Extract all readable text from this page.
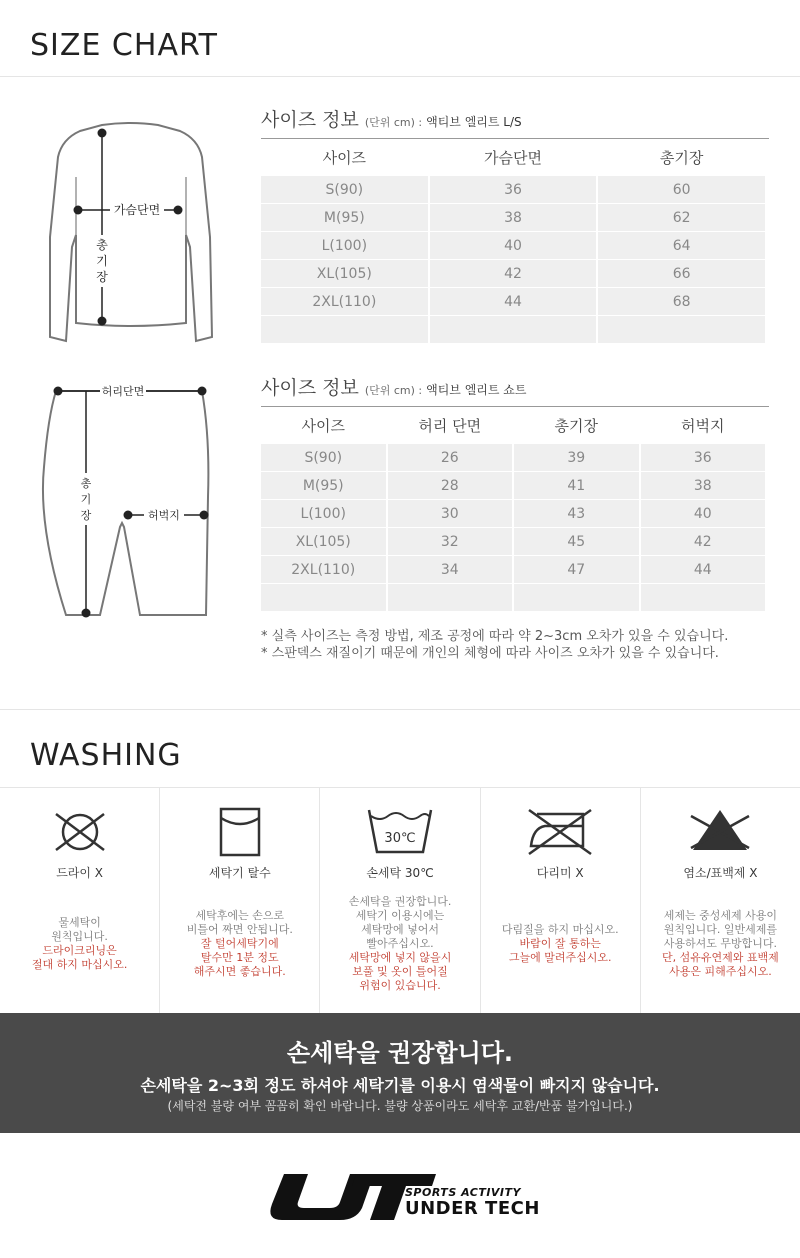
SIZE CHART
가슴단면
총
기
장
허리단면
총
기
장	허벅지
사이즈 정보 (단위 cm) : 액티브 엘리트 L/S
사이즈	가슴단면	총기장
S(90)	36	60
M(95)	38	62
L(100)	40	64
XL(105)	42	66
2XL(110)	44	68

사이즈 정보 (단위 cm) : 액티브 엘리트 쇼트
사이즈	허리 단면	총기장	허벅지
S(90)	26	39	36
M(95)	28	41	38
L(100)	30	43	40
XL(105)	32	45	42
2XL(110)	34	47	44

* 실측 사이즈는 측정 방법, 제조 공정에 따라 약 2~3cm 오차가 있을 수 있습니다.
* 스판덱스 재질이기 때문에 개인의 체형에 따라 사이즈 오차가 있을 수 있습니다.
WASHING
드라이 X
물세탁이
원칙입니다.
드라이크리닝은
절대 하지 마십시오.
세탁기 탈수
세탁후에는 손으로
비틀어 짜면 안됩니다.
잘 털어세탁기에
탈수만 1분 정도
해주시면 좋습니다.
30℃
손세탁 30℃
손세탁을 권장합니다.
세탁기 이용시에는
세탁망에 넣어서
빨아주십시오.
세탁망에 넣지 않을시
보풀 및 옷이 틀어질
위험이 있습니다.
다리미 X
다림질을 하지 마십시오.
바람이 잘 통하는
그늘에 말려주십시오.
염소/표백제 X
세제는 중성세제 사용이
원칙입니다. 일반세제를
사용하셔도 무방합니다.
단, 섬유유연제와 표백제
사용은 피해주십시오.
손세탁을 권장합니다.
손세탁을 2~3회 정도 하셔야 세탁기를 이용시 염색물이 빠지지 않습니다.
(세탁전 불량 여부 꼼꼼히 확인 바랍니다. 불량 상품이라도 세탁후 교환/반품 불가입니다.)
SPORTS ACTIVITY
UNDER TECH
